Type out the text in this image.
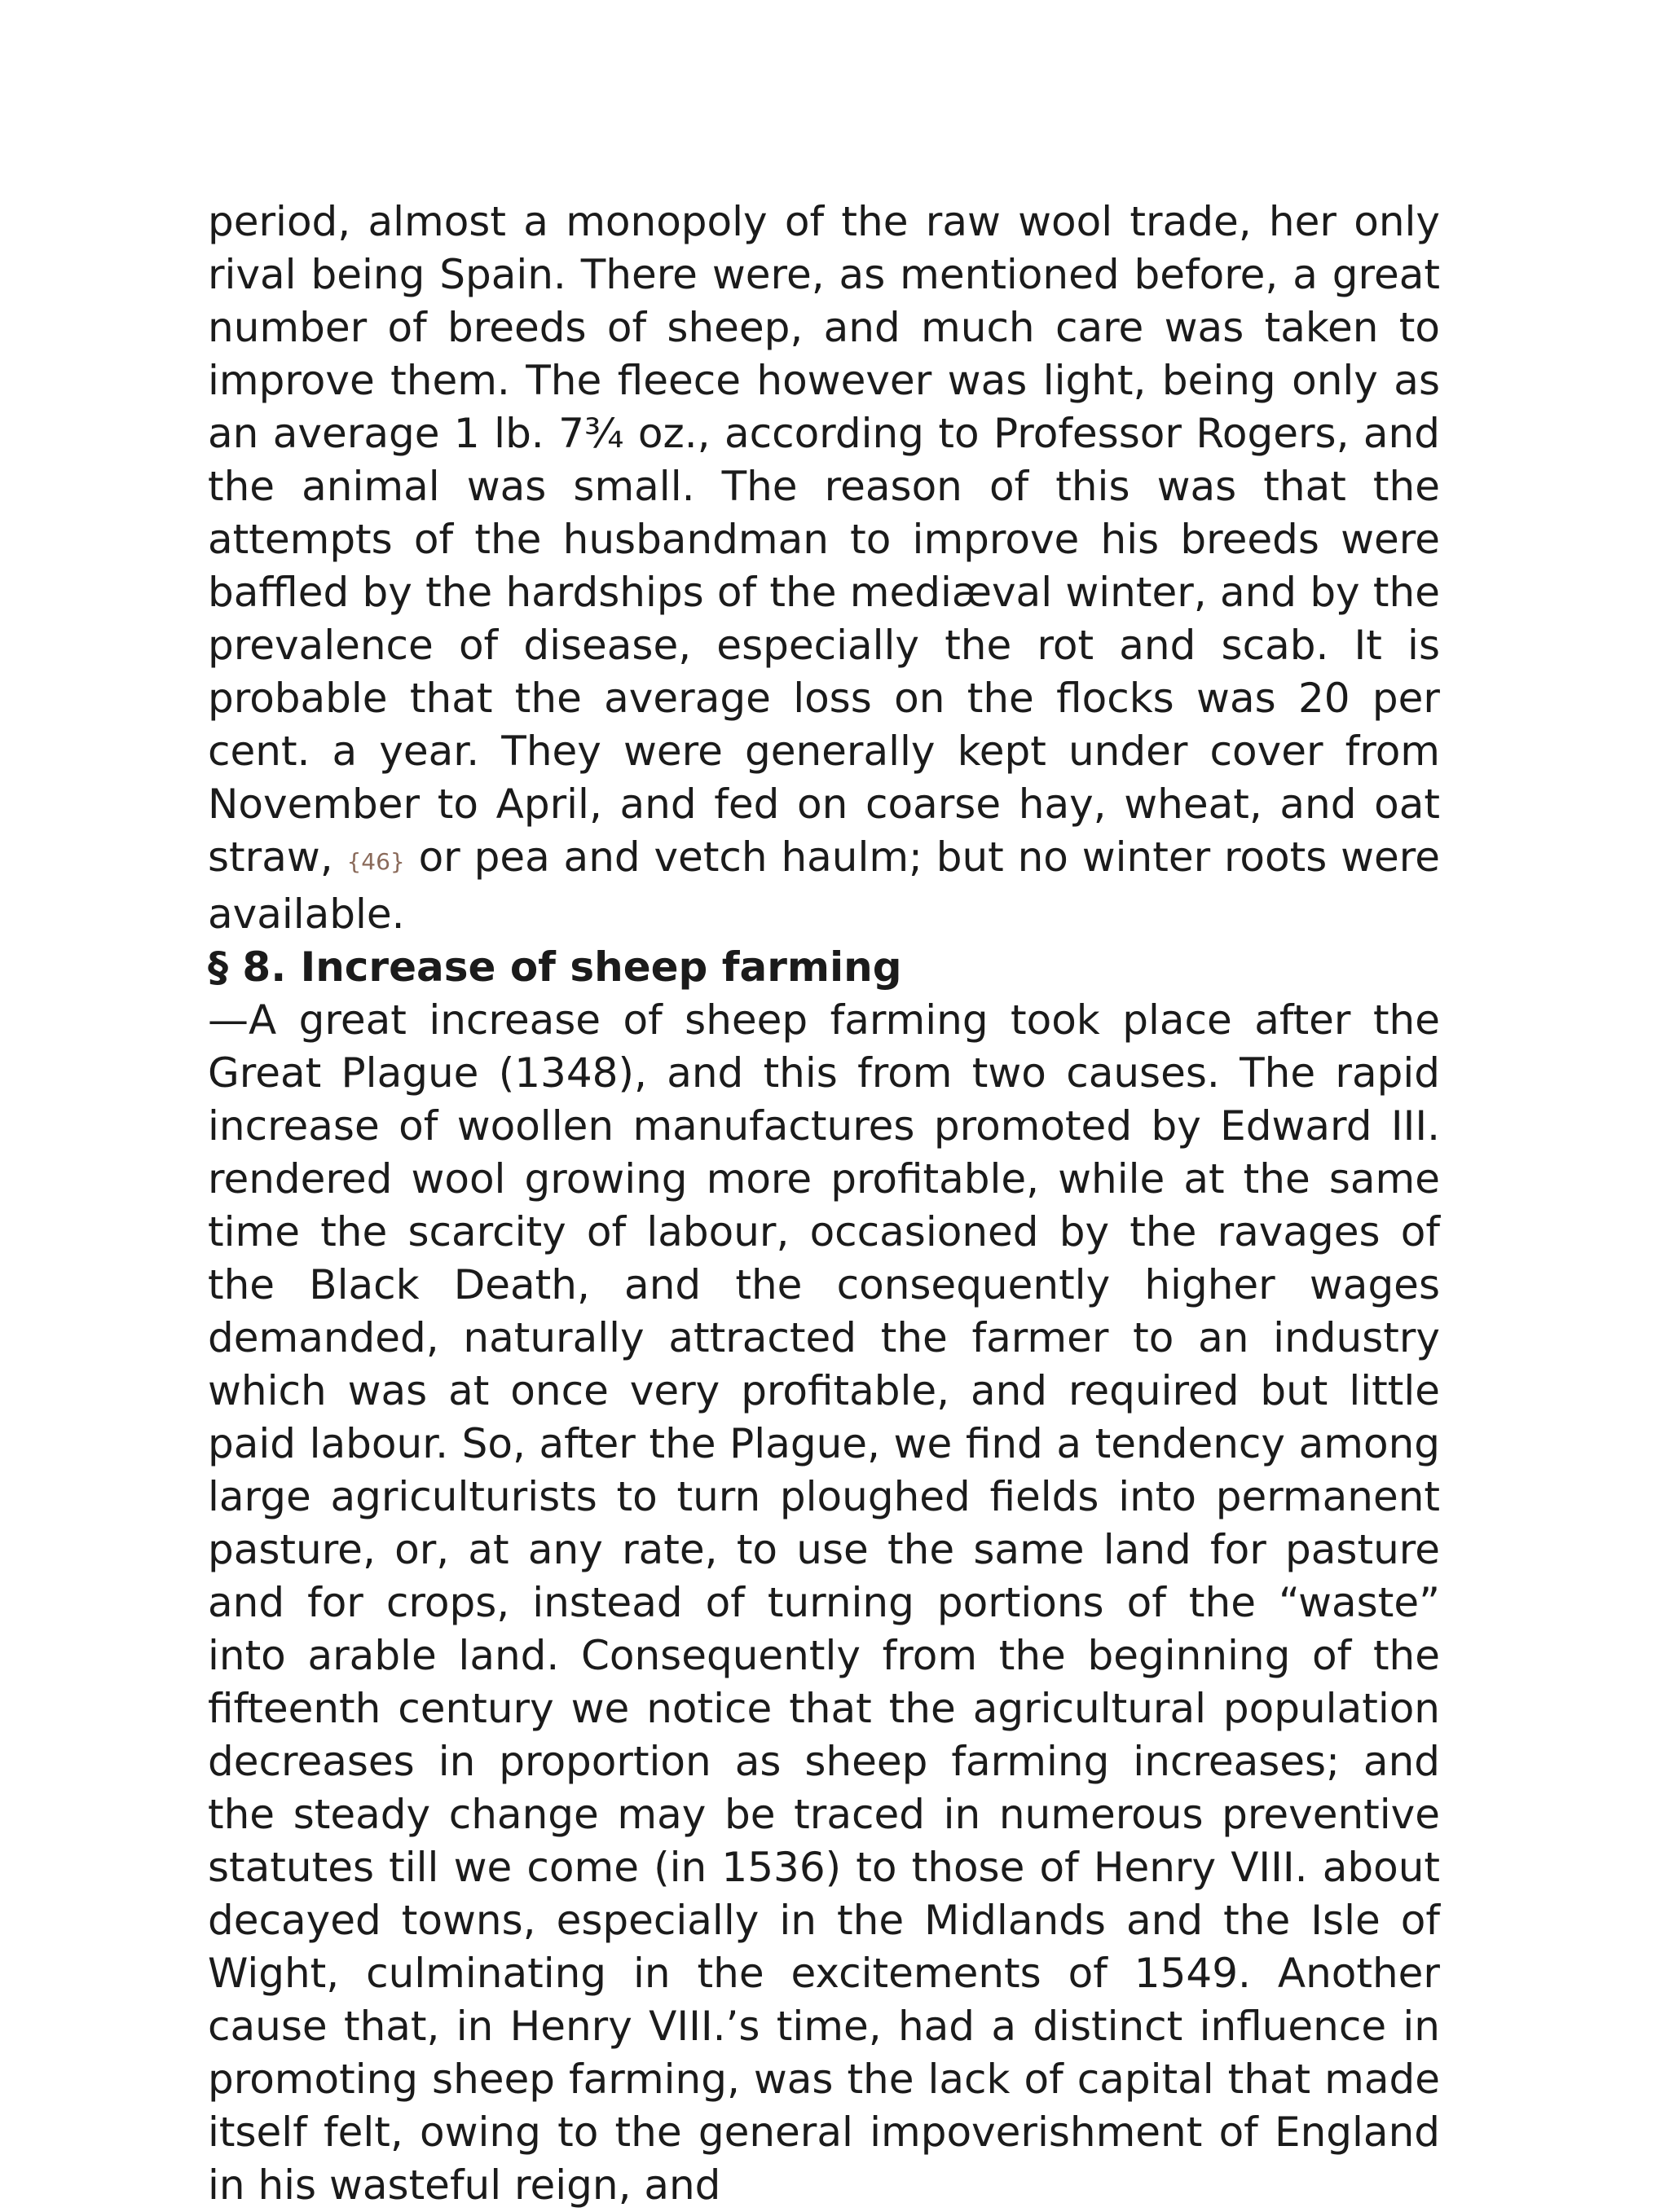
period, almost a monopoly of the raw wool trade, her only rival being Spain. There were, as mentioned before, a great number of breeds of sheep, and much care was taken to improve them. The fleece however was light, being only as an average 1 lb. 7¾ oz., according to Professor Rogers, and the animal was small. The reason of this was that the attempts of the husbandman to improve his breeds were baffled by the hardships of the mediæval winter, and by the prevalence of disease, especially the rot and scab. It is probable that the average loss on the flocks was 20 per cent. a year. They were generally kept under cover from November to April, and fed on coarse hay, wheat, and oat straw, {46} or pea and vetch haulm; but no winter roots were available.

§ 8. Increase of sheep farming

—A great increase of sheep farming took place after the Great Plague (1348), and this from two causes. The rapid increase of woollen manufactures promoted by Edward III. rendered wool growing more profitable, while at the same time the scarcity of labour, occasioned by the ravages of the Black Death, and the consequently higher wages demanded, naturally attracted the farmer to an industry which was at once very profitable, and required but little paid labour. So, after the Plague, we find a tendency among large agriculturists to turn ploughed fields into permanent pasture, or, at any rate, to use the same land for pasture and for crops, instead of turning portions of the “waste” into arable land. Consequently from the beginning of the fifteenth century we notice that the agricultural population decreases in proportion as sheep farming increases; and the steady change may be traced in numerous preventive statutes till we come (in 1536) to those of Henry VIII. about decayed towns, especially in the Midlands and the Isle of Wight, culminating in the excitements of 1549. Another cause that, in Henry VIII.’s time, had a distinct influence in promoting sheep farming, was the lack of capital that made itself felt, owing to the general impoverishment of England in his wasteful reign, and
